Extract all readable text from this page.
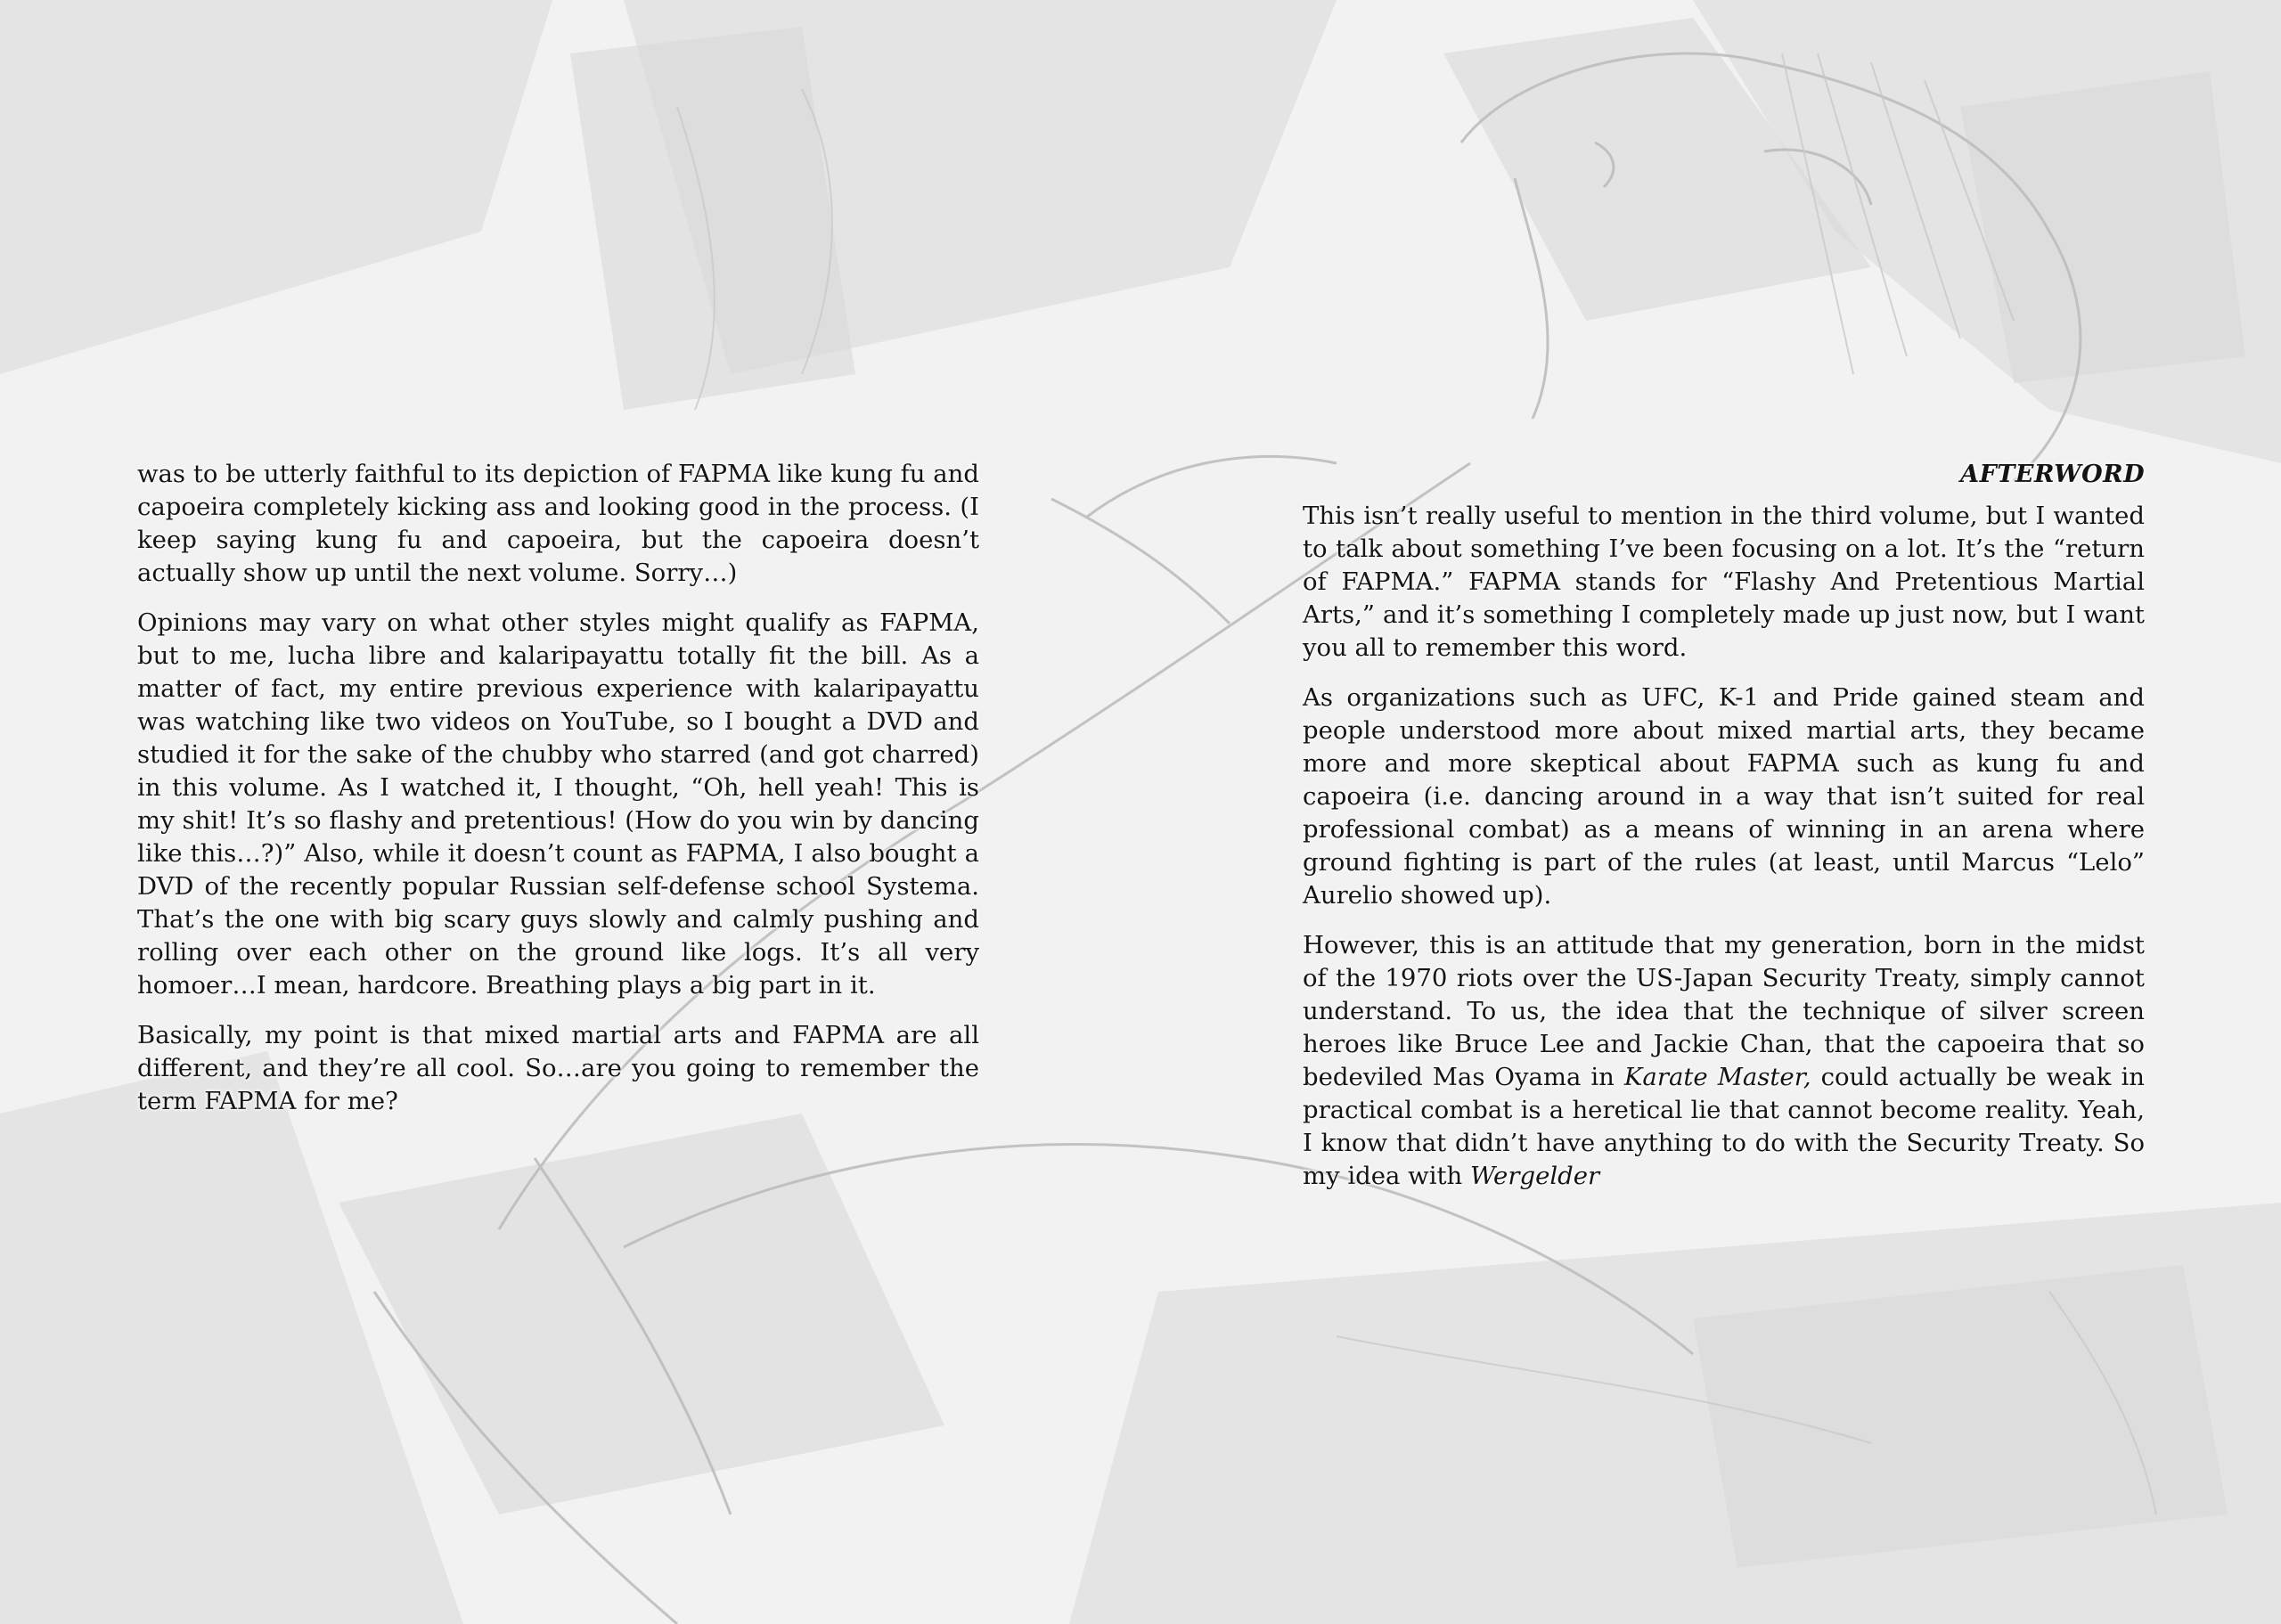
was to be utterly faithful to its depiction of FAPMA like kung fu and capoeira completely kicking ass and looking good in the process. (I keep saying kung fu and capoeira, but the capoeira doesn’t actually show up until the next volume. Sorry…)

Opinions may vary on what other styles might qualify as FAPMA, but to me, lucha libre and kalaripayattu totally fit the bill. As a matter of fact, my entire previous experience with kalaripayattu was watching like two videos on YouTube, so I bought a DVD and studied it for the sake of the chubby who starred (and got charred) in this volume. As I watched it, I thought, “Oh, hell yeah! This is my shit! It’s so flashy and pretentious! (How do you win by dancing like this…?)” Also, while it doesn’t count as FAPMA, I also bought a DVD of the recently popular Russian self-defense school Systema. That’s the one with big scary guys slowly and calmly pushing and rolling over each other on the ground like logs. It’s all very homoer…I mean, hardcore. Breathing plays a big part in it.

Basically, my point is that mixed martial arts and FAPMA are all different, and they’re all cool. So…are you going to remember the term FAPMA for me?

AFTERWORD

This isn’t really useful to mention in the third volume, but I wanted to talk about something I’ve been focusing on a lot. It’s the “return of FAPMA.” FAPMA stands for “Flashy And Pretentious Martial Arts,” and it’s something I completely made up just now, but I want you all to remember this word.

As organizations such as UFC, K-1 and Pride gained steam and people understood more about mixed martial arts, they became more and more skeptical about FAPMA such as kung fu and capoeira (i.e. dancing around in a way that isn’t suited for real professional combat) as a means of winning in an arena where ground fighting is part of the rules (at least, until Marcus “Lelo” Aurelio showed up).

However, this is an attitude that my generation, born in the midst of the 1970 riots over the US-Japan Security Treaty, simply cannot understand. To us, the idea that the technique of silver screen heroes like Bruce Lee and Jackie Chan, that the capoeira that so bedeviled Mas Oyama in Karate Master, could actually be weak in practical combat is a heretical lie that cannot become reality. Yeah, I know that didn’t have anything to do with the Security Treaty. So my idea with Wergelder
